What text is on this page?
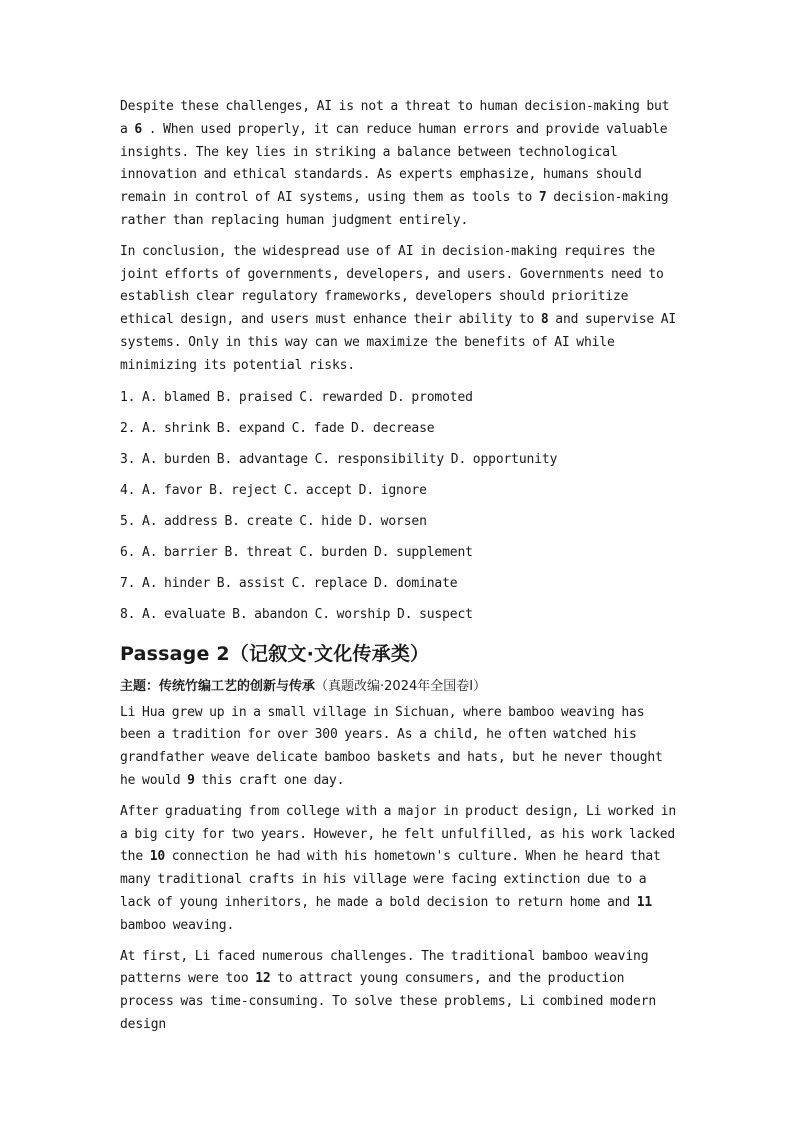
Despite these challenges, AI is not a threat to human decision-making but a 6 . When used properly, it can reduce human errors and provide valuable insights. The key lies in striking a balance between technological innovation and ethical standards. As experts emphasize, humans should remain in control of AI systems, using them as tools to 7 decision-making rather than replacing human judgment entirely.

In conclusion, the widespread use of AI in decision-making requires the joint efforts of governments, developers, and users. Governments need to establish clear regulatory frameworks, developers should prioritize ethical design, and users must enhance their ability to 8 and supervise AI systems. Only in this way can we maximize the benefits of AI while minimizing its potential risks.

1. A. blamed B. praised C. rewarded D. promoted

2. A. shrink B. expand C. fade D. decrease

3. A. burden B. advantage C. responsibility D. opportunity

4. A. favor B. reject C. accept D. ignore

5. A. address B. create C. hide D. worsen

6. A. barrier B. threat C. burden D. supplement

7. A. hinder B. assist C. replace D. dominate

8. A. evaluate B. abandon C. worship D. suspect

Passage 2（记叙文·文化传承类）

主题：传统竹编工艺的创新与传承（真题改编·2024年全国卷Ⅰ）

Li Hua grew up in a small village in Sichuan, where bamboo weaving has been a tradition for over 300 years. As a child, he often watched his grandfather weave delicate bamboo baskets and hats, but he never thought he would 9 this craft one day.

After graduating from college with a major in product design, Li worked in a big city for two years. However, he felt unfulfilled, as his work lacked the 10 connection he had with his hometown's culture. When he heard that many traditional crafts in his village were facing extinction due to a lack of young inheritors, he made a bold decision to return home and 11 bamboo weaving.

At first, Li faced numerous challenges. The traditional bamboo weaving patterns were too 12 to attract young consumers, and the production process was time-consuming. To solve these problems, Li combined modern design
